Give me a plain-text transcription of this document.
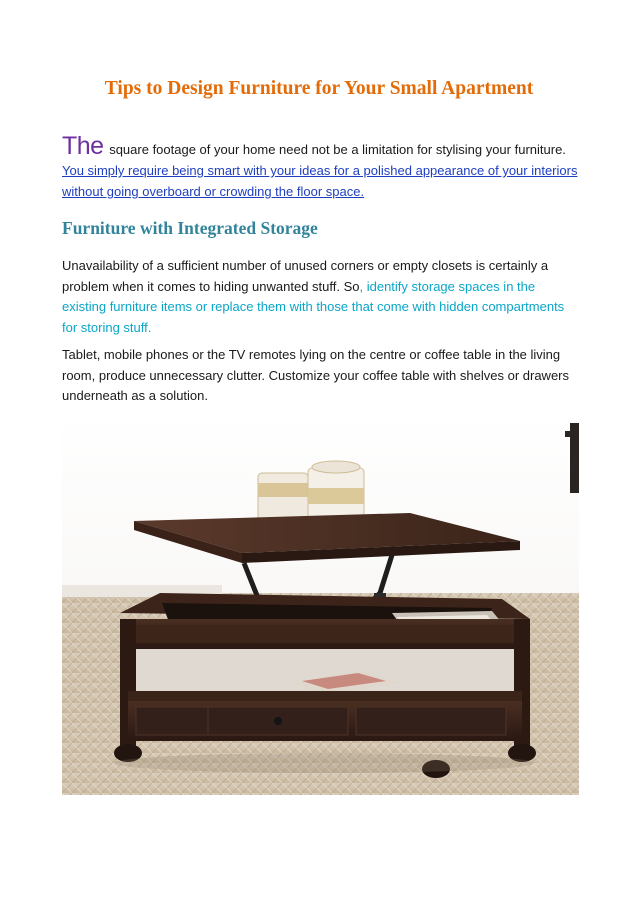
Tips to Design Furniture for Your Small Apartment

The square footage of your home need not be a limitation for stylising your furniture. You simply require being smart with your ideas for a polished appearance of your interiors without going overboard or crowding the floor space.

Furniture with Integrated Storage

Unavailability of a sufficient number of unused corners or empty closets is certainly a problem when it comes to hiding unwanted stuff. So, identify storage spaces in the existing furniture items or replace them with those that come with hidden compartments for storing stuff.

Tablet, mobile phones or the TV remotes lying on the centre or coffee table in the living room, produce unnecessary clutter. Customize your coffee table with shelves or drawers underneath as a solution.
